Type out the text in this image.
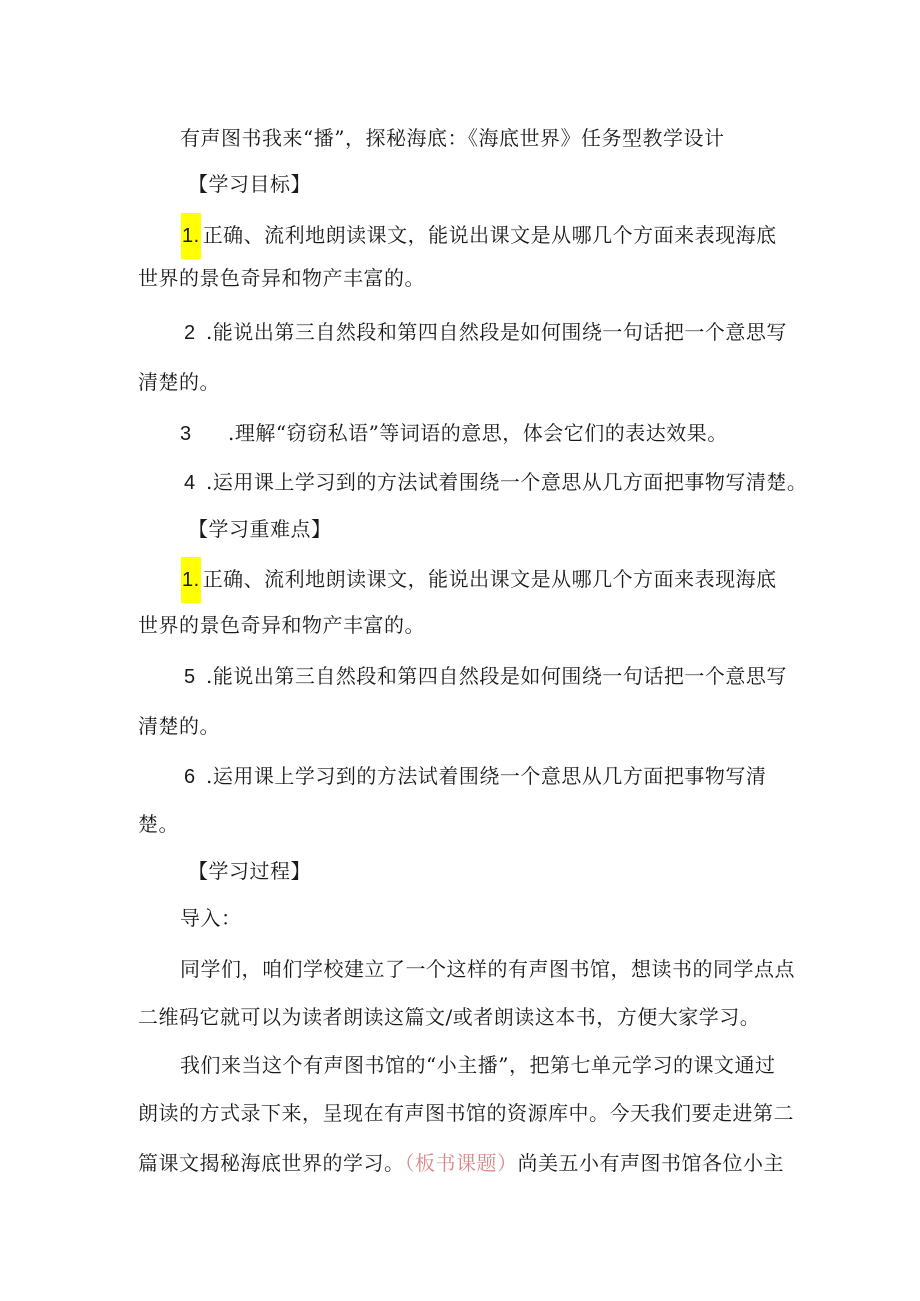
有声图书我来“播”，探秘海底：《海底世界》任务型教学设计
【学习目标】
1. 正确、流利地朗读课文，能说出课文是从哪几个方面来表现海底
世界的景色奇异和物产丰富的。
2 .能说出第三自然段和第四自然段是如何围绕一句话把一个意思写
清楚的。
3 .理解“窃窃私语”等词语的意思，体会它们的表达效果。
4 .运用课上学习到的方法试着围绕一个意思从几方面把事物写清楚。
【学习重难点】
1. 正确、流利地朗读课文，能说出课文是从哪几个方面来表现海底
世界的景色奇异和物产丰富的。
5 .能说出第三自然段和第四自然段是如何围绕一句话把一个意思写
清楚的。
6 .运用课上学习到的方法试着围绕一个意思从几方面把事物写清
楚。
【学习过程】
导入：
同学们，咱们学校建立了一个这样的有声图书馆，想读书的同学点点
二维码它就可以为读者朗读这篇文/或者朗读这本书，方便大家学习。
我们来当这个有声图书馆的“小主播”，把第七单元学习的课文通过
朗读的方式录下来，呈现在有声图书馆的资源库中。今天我们要走进第二
篇课文揭秘海底世界的学习。（板书课题）尚美五小有声图书馆各位小主
